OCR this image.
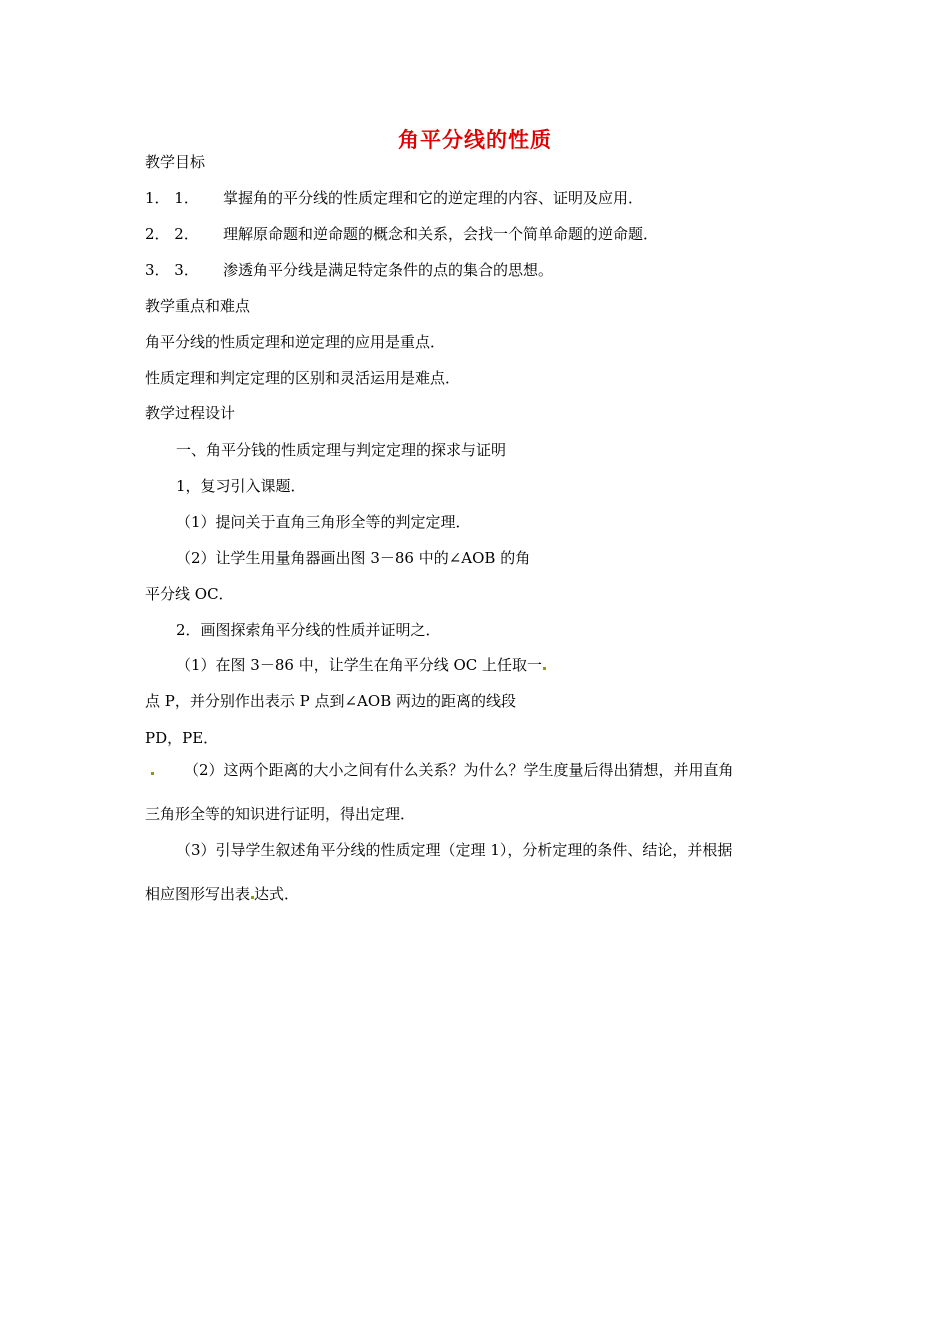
角平分线的性质
教学目标
1． 1． 掌握角的平分线的性质定理和它的逆定理的内容、证明及应用．
2． 2． 理解原命题和逆命题的概念和关系，会找一个简单命题的逆命题．
3． 3． 渗透角平分线是满足特定条件的点的集合的思想。
教学重点和难点
角平分线的性质定理和逆定理的应用是重点．
性质定理和判定定理的区别和灵活运用是难点．
教学过程设计
一、角平分钱的性质定理与判定定理的探求与证明
1，复习引入课题．
（1）提问关于直角三角形全等的判定定理．
（2）让学生用量角器画出图 3－86 中的∠AOB 的角
平分线 OC．
2．画图探索角平分线的性质并证明之．
（1）在图 3－86 中，让学生在角平分线 OC 上任取一
点 P，并分别作出表示 P 点到∠AOB 两边的距离的线段
PD，PE．
（2）这两个距离的大小之间有什么关系？为什么？学生度量后得出猜想，并用直角
三角形全等的知识进行证明，得出定理．
（3）引导学生叙述角平分线的性质定理（定理 1），分析定理的条件、结论，并根据
相应图形写出表 达式．
